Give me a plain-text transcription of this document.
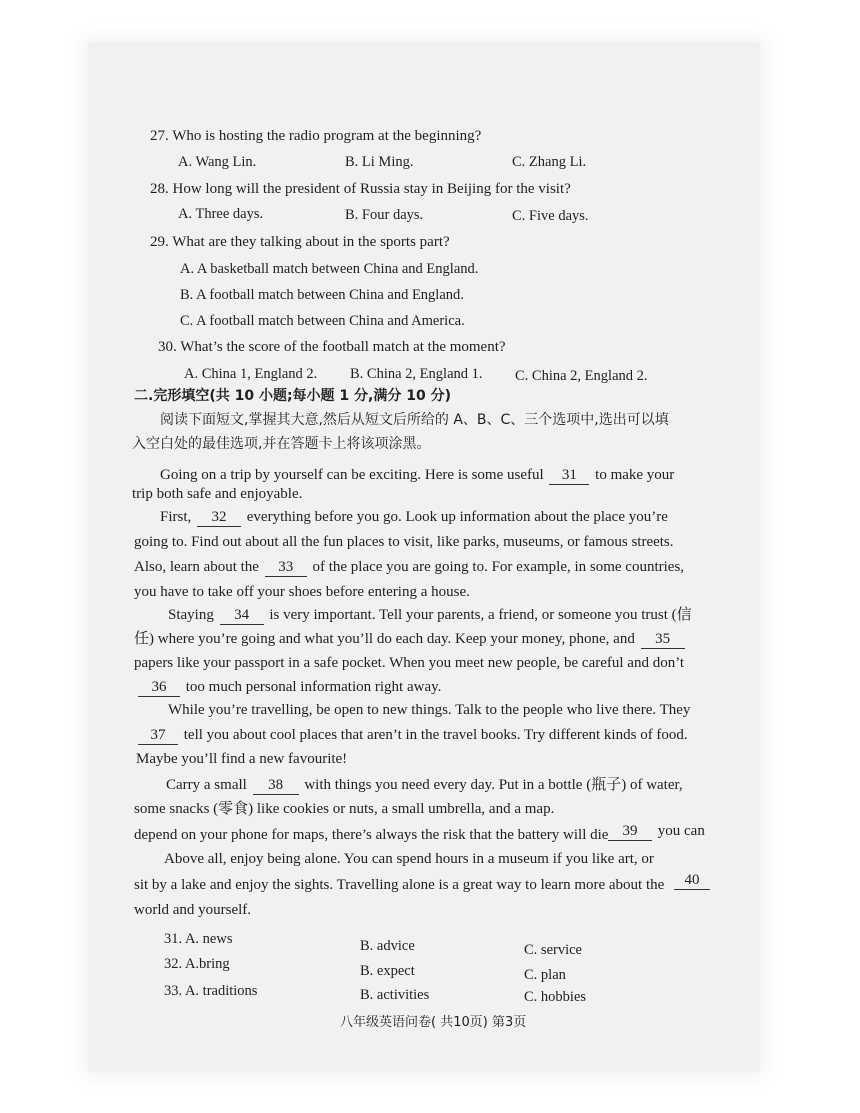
27. Who is hosting the radio program at the beginning?
A. Wang Lin.	B. Li Ming.	C. Zhang Li.
28. How long will the president of Russia stay in Beijing for the visit?
A. Three days.	B. Four days.	C. Five days.
29. What are they talking about in the sports part?
A. A basketball match between China and England.
B. A football match between China and England.
C. A football match between China and America.
30. What’s the score of the football match at the moment?
A. China 1, England 2. B. China 2, England 1. C. China 2, England 2.
二.完形填空(共 10 小题;每小题 1 分,满分 10 分)
阅读下面短文,掌握其大意,然后从短文后所给的 A、B、C、三个选项中,选出可以填
入空白处的最佳选项,并在答题卡上将该项涂黑。
Going on a trip by yourself can be exciting. Here is some useful 31 to make your
trip both safe and enjoyable.
First, 32 everything before you go. Look up information about the place you’re
going to. Find out about all the fun places to visit, like parks, museums, or famous streets.
Also, learn about the 33 of the place you are going to. For example, in some countries,
you have to take off your shoes before entering a house.
Staying 34 is very important. Tell your parents, a friend, or someone you trust (信
任) where you’re going and what you’ll do each day. Keep your money, phone, and 35
papers like your passport in a safe pocket. When you meet new people, be careful and don’t
36 too much personal information right away.
While you’re travelling, be open to new things. Talk to the people who live there. They
37 tell you about cool places that aren’t in the travel books. Try different kinds of food.
Maybe you’ll find a new favourite!
Carry a small 38 with things you need every day. Put in a bottle (瓶子) of water,
some snacks (零食) like cookies or nuts, a small umbrella, and a map.
39 you can
depend on your phone for maps, there’s always the risk that the battery will die
Above all, enjoy being alone. You can spend hours in a museum if you like art, or
40
sit by a lake and enjoy the sights. Travelling alone is a great way to learn more about the
world and yourself.
31. A. news	B. advice	C. service
32. A.bring	B. expect	C. plan
33. A. traditions	B. activities	C. hobbies
八年级英语问卷( 共10页) 第3页
